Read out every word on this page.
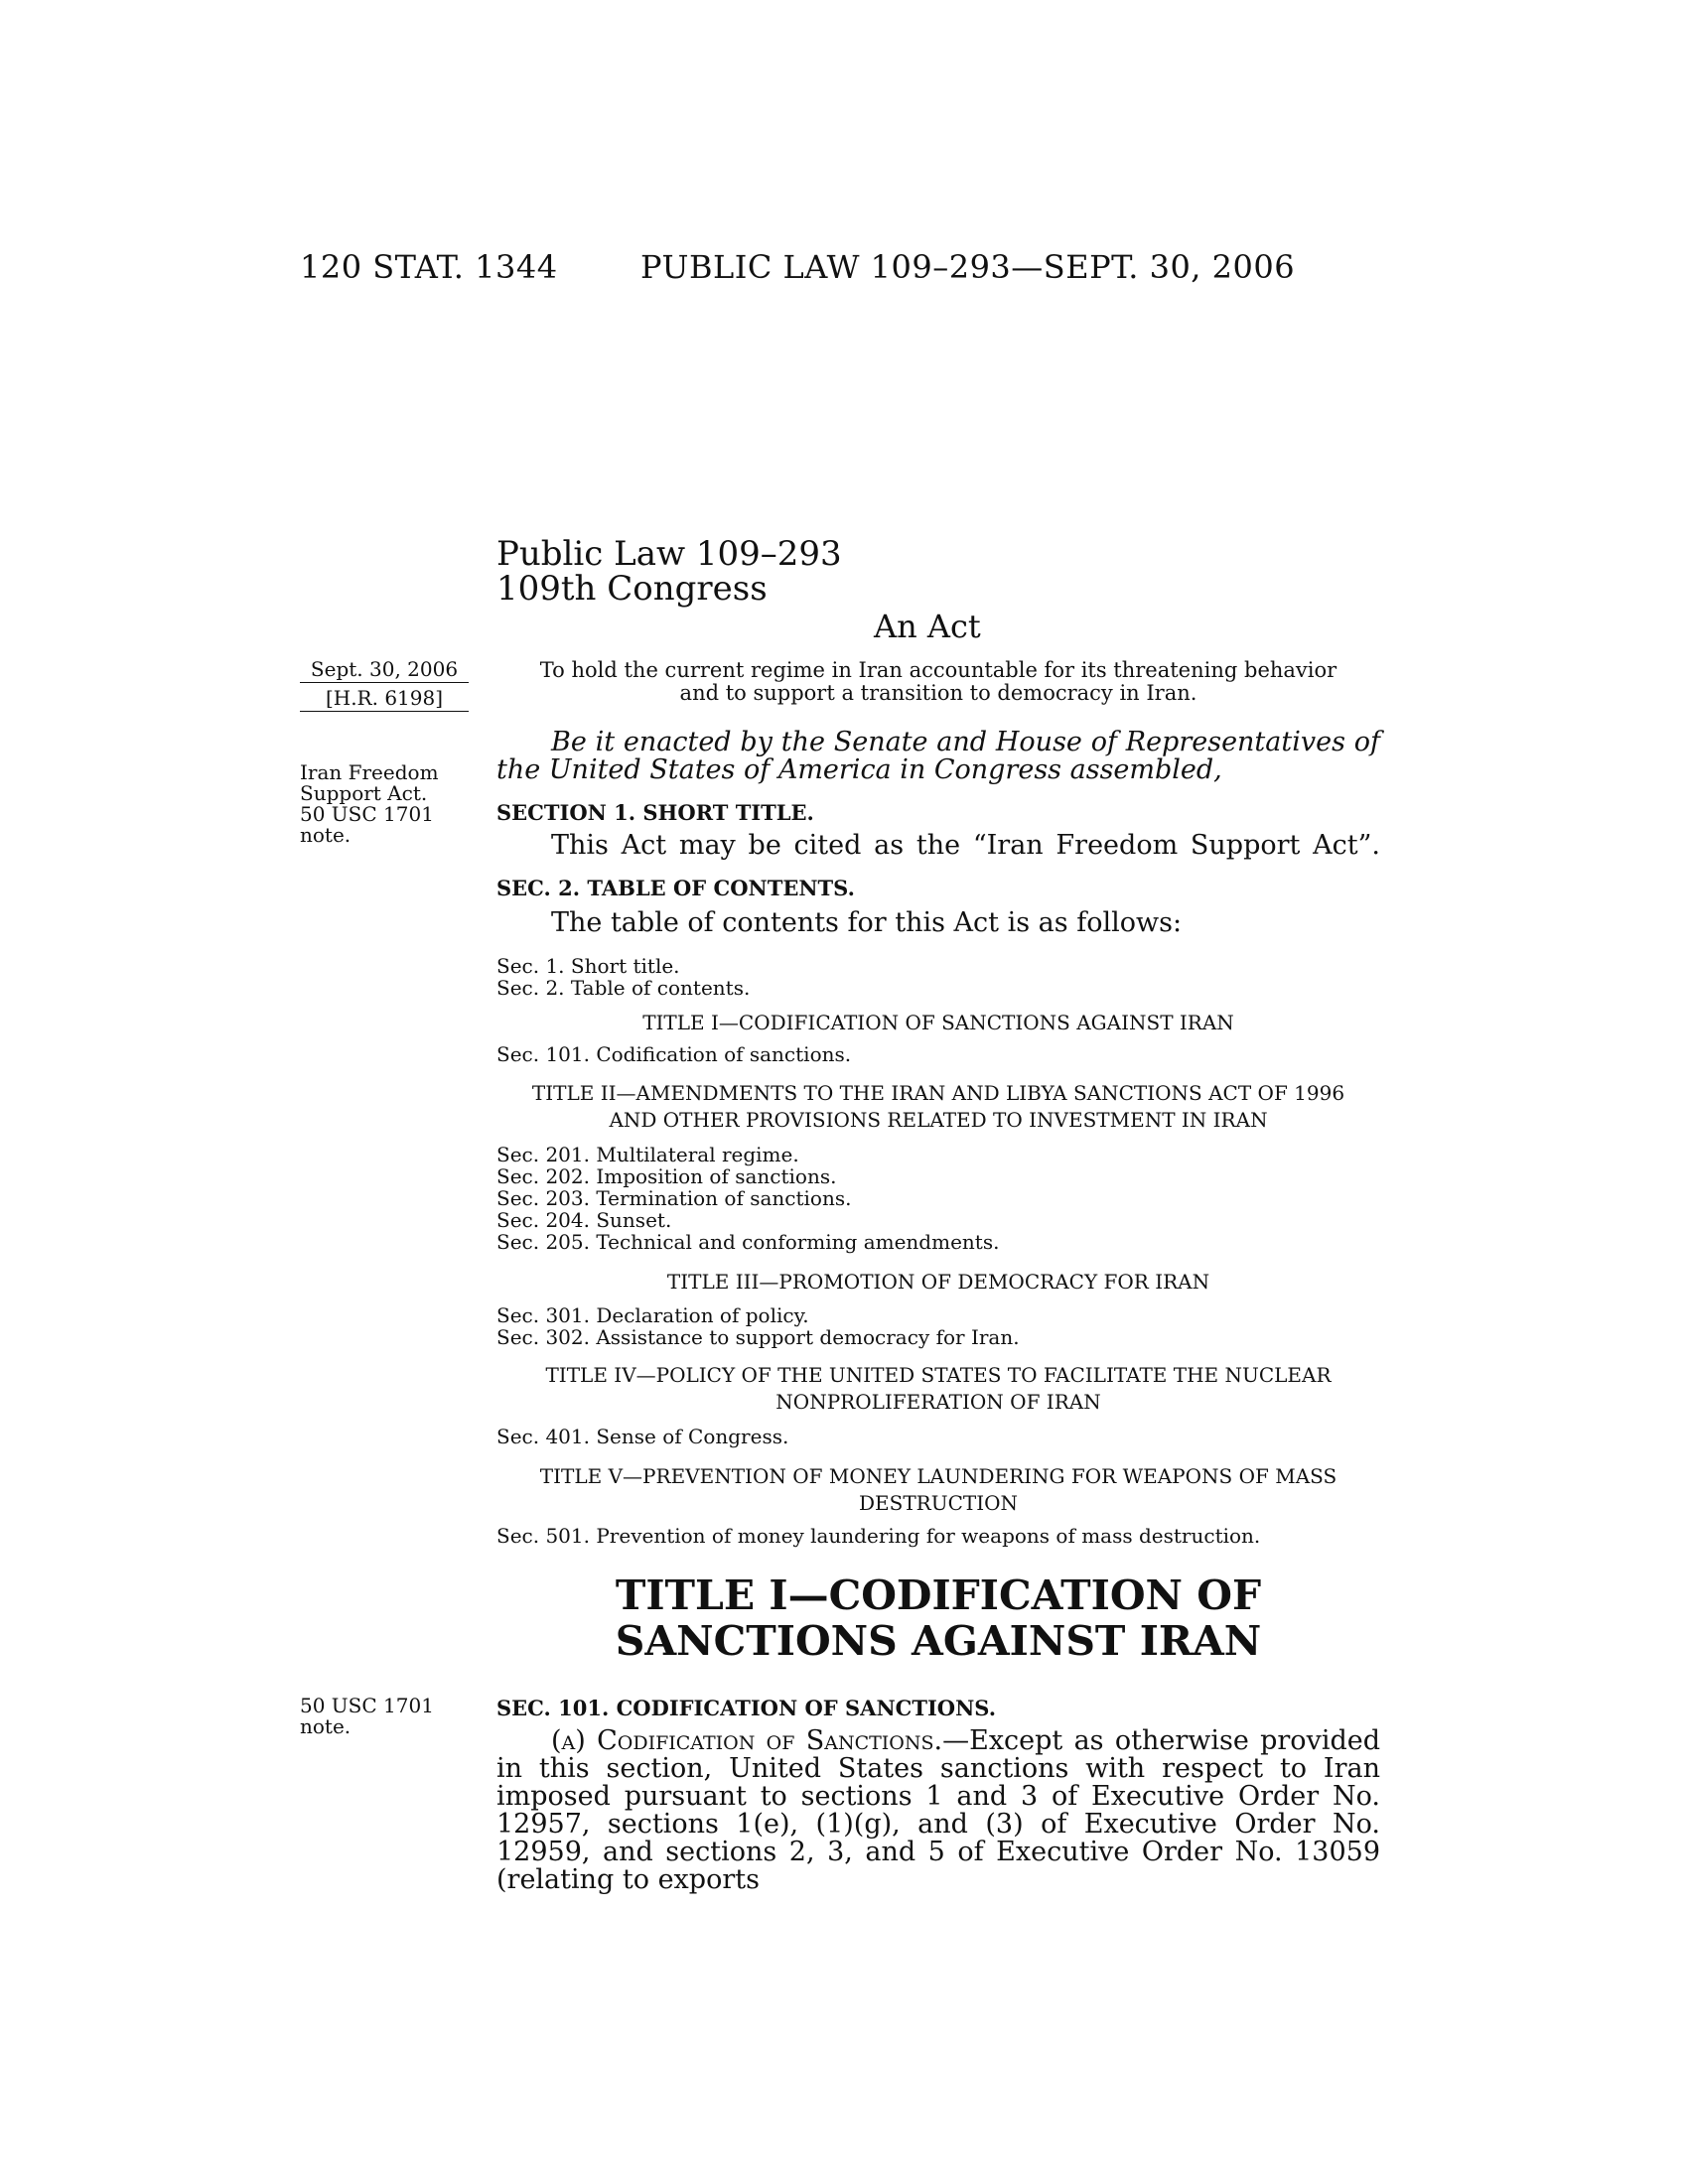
120 STAT. 1344	PUBLIC LAW 109–293—SEPT. 30, 2006
Public Law 109–293
109th Congress
An Act
Sept. 30, 2006
[H.R. 6198]
Iran Freedom Support Act. 50 USC 1701 note.
50 USC 1701 note.
To hold the current regime in Iran accountable for its threatening behavior and to support a transition to democracy in Iran.
Be it enacted by the Senate and House of Representatives of the United States of America in Congress assembled,
SECTION 1. SHORT TITLE.
This Act may be cited as the “Iran Freedom Support Act”.
SEC. 2. TABLE OF CONTENTS.
The table of contents for this Act is as follows:
Sec. 1. Short title.
Sec. 2. Table of contents.
TITLE I—CODIFICATION OF SANCTIONS AGAINST IRAN
Sec. 101. Codification of sanctions.
TITLE II—AMENDMENTS TO THE IRAN AND LIBYA SANCTIONS ACT OF 1996 AND OTHER PROVISIONS RELATED TO INVESTMENT IN IRAN
Sec. 201. Multilateral regime.
Sec. 202. Imposition of sanctions.
Sec. 203. Termination of sanctions.
Sec. 204. Sunset.
Sec. 205. Technical and conforming amendments.
TITLE III—PROMOTION OF DEMOCRACY FOR IRAN
Sec. 301. Declaration of policy.
Sec. 302. Assistance to support democracy for Iran.
TITLE IV—POLICY OF THE UNITED STATES TO FACILITATE THE NUCLEAR NONPROLIFERATION OF IRAN
Sec. 401. Sense of Congress.
TITLE V—PREVENTION OF MONEY LAUNDERING FOR WEAPONS OF MASS DESTRUCTION
Sec. 501. Prevention of money laundering for weapons of mass destruction.
TITLE I—CODIFICATION OF SANCTIONS AGAINST IRAN
SEC. 101. CODIFICATION OF SANCTIONS.
(a) Codification of Sanctions.—Except as otherwise provided in this section, United States sanctions with respect to Iran imposed pursuant to sections 1 and 3 of Executive Order No. 12957, sections 1(e), (1)(g), and (3) of Executive Order No. 12959, and sections 2, 3, and 5 of Executive Order No. 13059 (relating to exports
